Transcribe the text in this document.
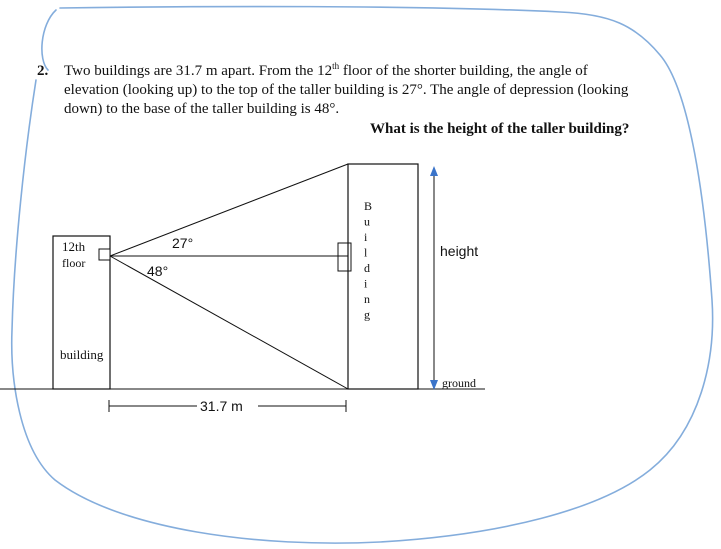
2. Two buildings are 31.7 m apart. From the 12th floor of the shorter building, the angle of
elevation (looking up) to the top of the taller building is 27°. The angle of depression (looking
down) to the base of the taller building is 48°.
What is the height of the taller building?
12th
floor
building
27°
48°
31.7 m
height
ground
B
u
i
l
d
i
n
g
